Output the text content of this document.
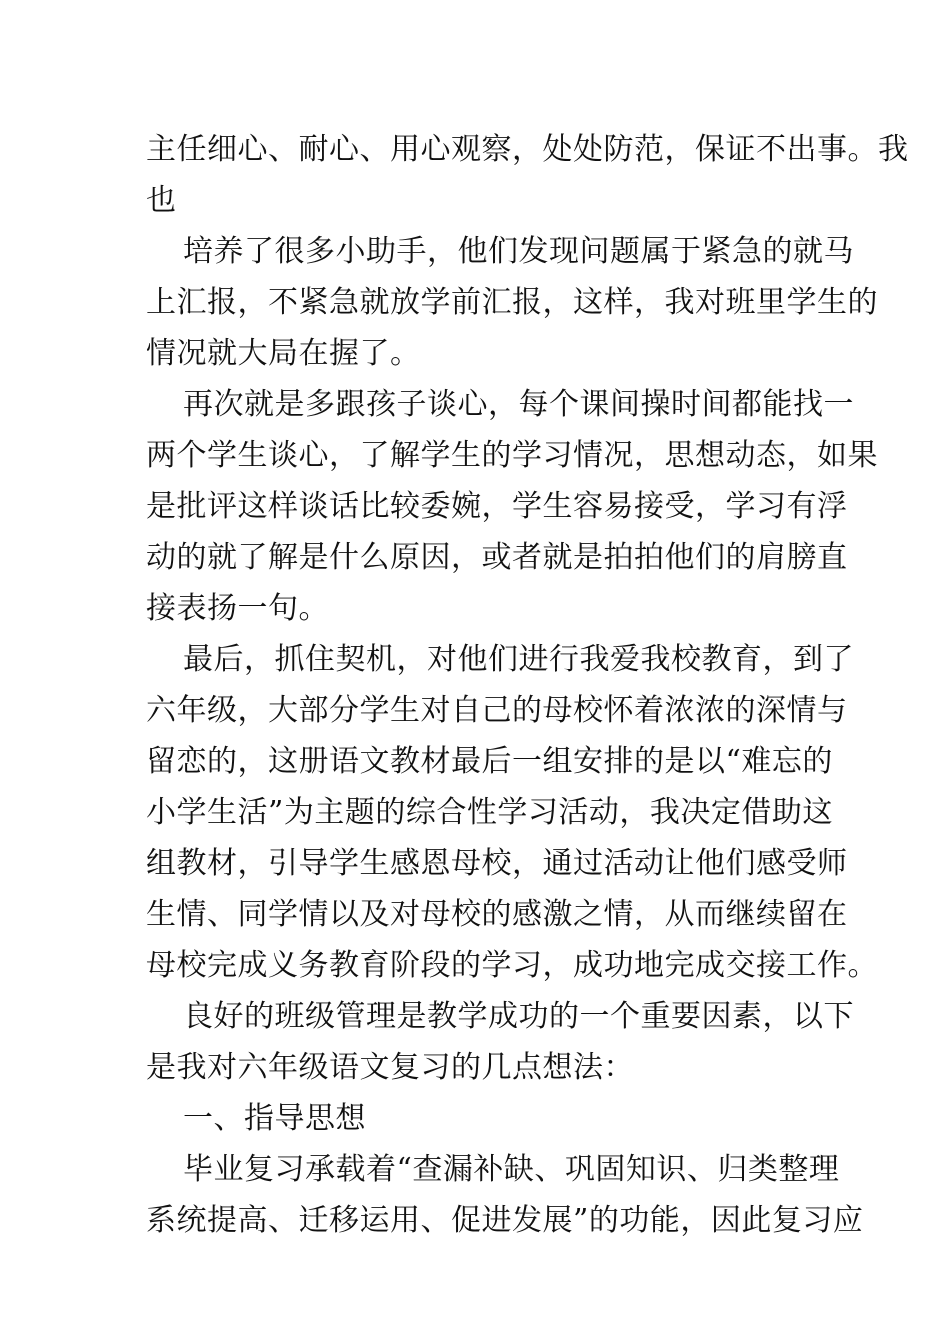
主任细心、耐心、用心观察，处处防范，保证不出事。我
也
培养了很多小助手，他们发现问题属于紧急的就马
上汇报，不紧急就放学前汇报，这样，我对班里学生的
情况就大局在握了。
再次就是多跟孩子谈心，每个课间操时间都能找一
两个学生谈心，了解学生的学习情况，思想动态，如果
是批评这样谈话比较委婉，学生容易接受，学习有浮
动的就了解是什么原因，或者就是拍拍他们的肩膀直
接表扬一句。
最后，抓住契机，对他们进行我爱我校教育，到了
六年级，大部分学生对自己的母校怀着浓浓的深情与
留恋的，这册语文教材最后一组安排的是以“难忘的
小学生活”为主题的综合性学习活动，我决定借助这
组教材，引导学生感恩母校，通过活动让他们感受师
生情、同学情以及对母校的感激之情，从而继续留在
母校完成义务教育阶段的学习，成功地完成交接工作。
良好的班级管理是教学成功的一个重要因素，以下
是我对六年级语文复习的几点想法：
一、指导思想
毕业复习承载着“查漏补缺、巩固知识、归类整理
系统提高、迁移运用、促进发展”的功能，因此复习应
